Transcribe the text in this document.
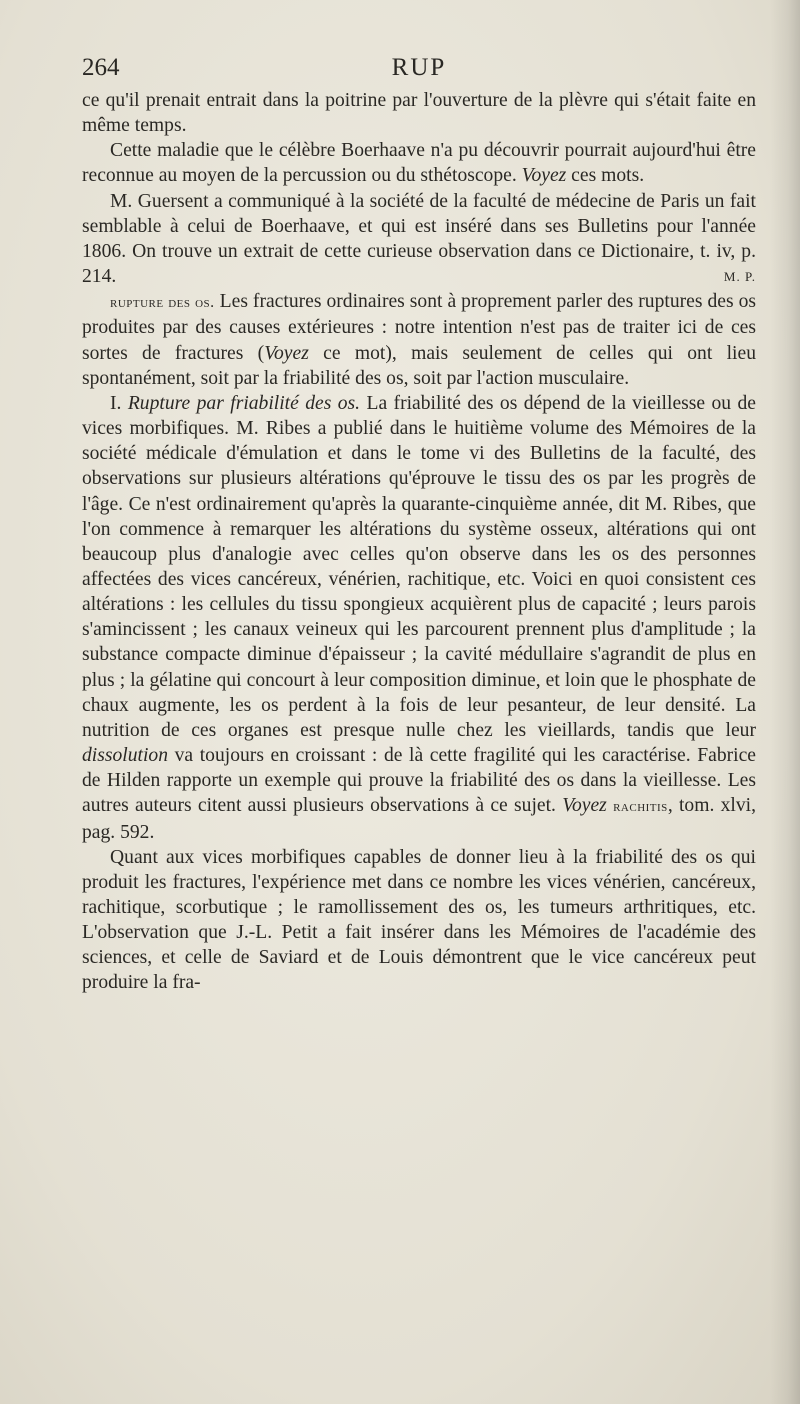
264	RUP

ce qu'il prenait entrait dans la poitrine par l'ouverture de la plèvre qui s'était faite en même temps.

Cette maladie que le célèbre Boerhaave n'a pu découvrir pourrait aujourd'hui être reconnue au moyen de la percussion ou du sthétoscope. Voyez ces mots.

M. Guersent a communiqué à la société de la faculté de médecine de Paris un fait semblable à celui de Boerhaave, et qui est inséré dans ses Bulletins pour l'année 1806. On trouve un extrait de cette curieuse observation dans ce Dictionaire, t. iv, p. 214.	M. P.

rupture des os. Les fractures ordinaires sont à proprement parler des ruptures des os produites par des causes extérieures : notre intention n'est pas de traiter ici de ces sortes de fractures (Voyez ce mot), mais seulement de celles qui ont lieu spontanément, soit par la friabilité des os, soit par l'action musculaire.

I. Rupture par friabilité des os. La friabilité des os dépend de la vieillesse ou de vices morbifiques. M. Ribes a publié dans le huitième volume des Mémoires de la société médicale d'émulation et dans le tome vi des Bulletins de la faculté, des observations sur plusieurs altérations qu'éprouve le tissu des os par les progrès de l'âge. Ce n'est ordinairement qu'après la quarante-cinquième année, dit M. Ribes, que l'on commence à remarquer les altérations du système osseux, altérations qui ont beaucoup plus d'analogie avec celles qu'on observe dans les os des personnes affectées des vices cancéreux, vénérien, rachitique, etc. Voici en quoi consistent ces altérations : les cellules du tissu spongieux acquièrent plus de capacité ; leurs parois s'amincissent ; les canaux veineux qui les parcourent prennent plus d'amplitude ; la substance compacte diminue d'épaisseur ; la cavité médullaire s'agrandit de plus en plus ; la gélatine qui concourt à leur composition diminue, et loin que le phosphate de chaux augmente, les os perdent à la fois de leur pesanteur, de leur densité. La nutrition de ces organes est presque nulle chez les vieillards, tandis que leur dissolution va toujours en croissant : de là cette fragilité qui les caractérise. Fabrice de Hilden rapporte un exemple qui prouve la friabilité des os dans la vieillesse. Les autres auteurs citent aussi plusieurs observations à ce sujet. Voyez rachitis, tom. xlvi, pag. 592.

Quant aux vices morbifiques capables de donner lieu à la friabilité des os qui produit les fractures, l'expérience met dans ce nombre les vices vénérien, cancéreux, rachitique, scorbutique ; le ramollissement des os, les tumeurs arthritiques, etc. L'observation que J.-L. Petit a fait insérer dans les Mémoires de l'académie des sciences, et celle de Saviard et de Louis démontrent que le vice cancéreux peut produire la fra-
